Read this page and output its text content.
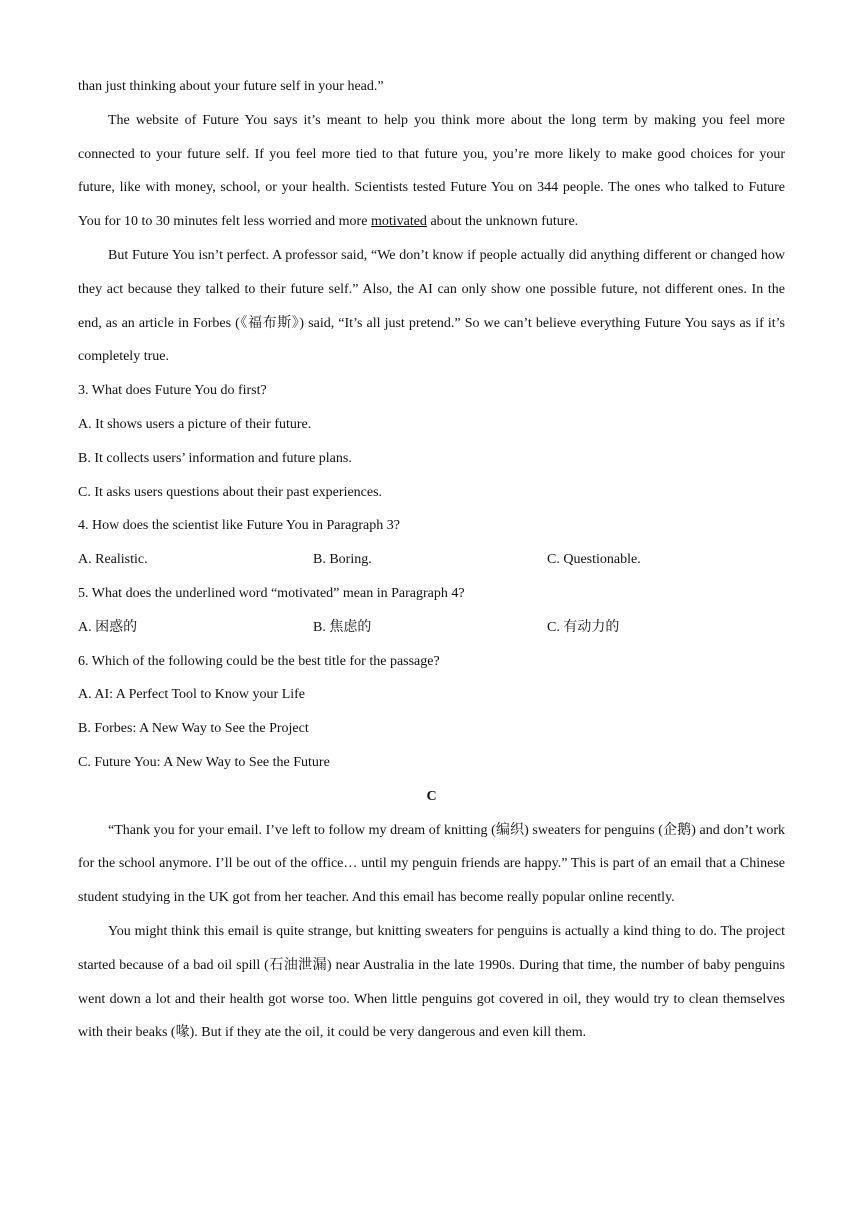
than just thinking about your future self in your head.”

The website of Future You says it’s meant to help you think more about the long term by making you feel more connected to your future self. If you feel more tied to that future you, you’re more likely to make good choices for your future, like with money, school, or your health. Scientists tested Future You on 344 people. The ones who talked to Future You for 10 to 30 minutes felt less worried and more motivated about the unknown future.

But Future You isn’t perfect. A professor said, “We don’t know if people actually did anything different or changed how they act because they talked to their future self.” Also, the AI can only show one possible future, not different ones. In the end, as an article in Forbes (《福布斯》) said, “It’s all just pretend.” So we can’t believe everything Future You says as if it’s completely true.

3. What does Future You do first?

A. It shows users a picture of their future.

B. It collects users’ information and future plans.

C. It asks users questions about their past experiences.

4. How does the scientist like Future You in Paragraph 3?

A. Realistic.	B. Boring.	C. Questionable.

5. What does the underlined word “motivated” mean in Paragraph 4?

A. 困惑的	B. 焦虑的	C. 有动力的

6. Which of the following could be the best title for the passage?

A. AI: A Perfect Tool to Know your Life

B. Forbes: A New Way to See the Project

C. Future You: A New Way to See the Future

C

“Thank you for your email. I’ve left to follow my dream of knitting (编织) sweaters for penguins (企鹅) and don’t work for the school anymore. I’ll be out of the office… until my penguin friends are happy.” This is part of an email that a Chinese student studying in the UK got from her teacher. And this email has become really popular online recently.

You might think this email is quite strange, but knitting sweaters for penguins is actually a kind thing to do. The project started because of a bad oil spill (石油泄漏) near Australia in the late 1990s. During that time, the number of baby penguins went down a lot and their health got worse too. When little penguins got covered in oil, they would try to clean themselves with their beaks (喙). But if they ate the oil, it could be very dangerous and even kill them.
